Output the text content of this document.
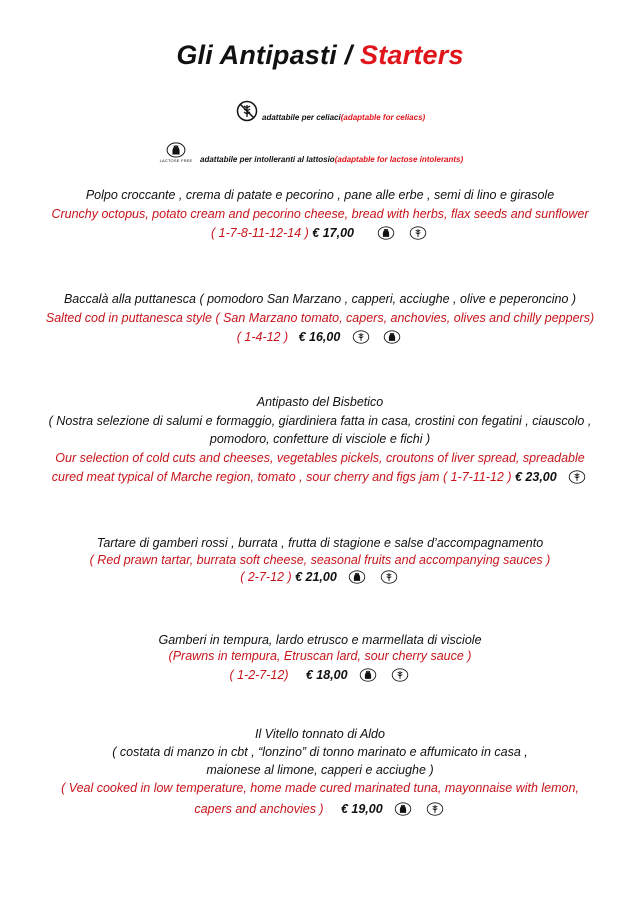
Gli Antipasti / Starters
adattabile per celiaci (adaptable for celiacs)
LACTOSE FREE adattabile per intolleranti al lattosio (adaptable for lactose intolerants)
Polpo croccante , crema di patate e pecorino , pane alle erbe , semi di lino e girasole
Crunchy octopus, potato cream and pecorino cheese, bread with herbs, flax seeds and sunflower
( 1-7-8-11-12-14 ) € 17,00
Baccalà alla puttanesca ( pomodoro San Marzano , capperi, acciughe , olive e peperoncino )
Salted cod in puttanesca style ( San Marzano tomato, capers, anchovies, olives and chilly peppers)
( 1-4-12 ) € 16,00
Antipasto del Bisbetico
( Nostra selezione di salumi e formaggio, giardiniera fatta in casa, crostini con fegatini , ciauscolo ,
pomodoro, confetture di visciole e fichi )
Our selection of cold cuts and cheeses, vegetables pickels, croutons of liver spread, spreadable
cured meat typical of Marche region, tomato , sour cherry and figs jam ( 1-7-11-12 ) € 23,00
Tartare di gamberi rossi , burrata , frutta di stagione e salse d’accompagnamento
( Red prawn tartar, burrata soft cheese, seasonal fruits and accompanying sauces )
( 2-7-12 ) € 21,00
Gamberi in tempura, lardo etrusco e marmellata di visciole
(Prawns in tempura, Etruscan lard, sour cherry sauce )
( 1-2-7-12) € 18,00
Il Vitello tonnato di Aldo
( costata di manzo in cbt , “lonzino” di tonno marinato e affumicato in casa ,
maionese al limone, capperi e acciughe )
( Veal cooked in low temperature, home made cured marinated tuna, mayonnaise with lemon,
capers and anchovies ) € 19,00
